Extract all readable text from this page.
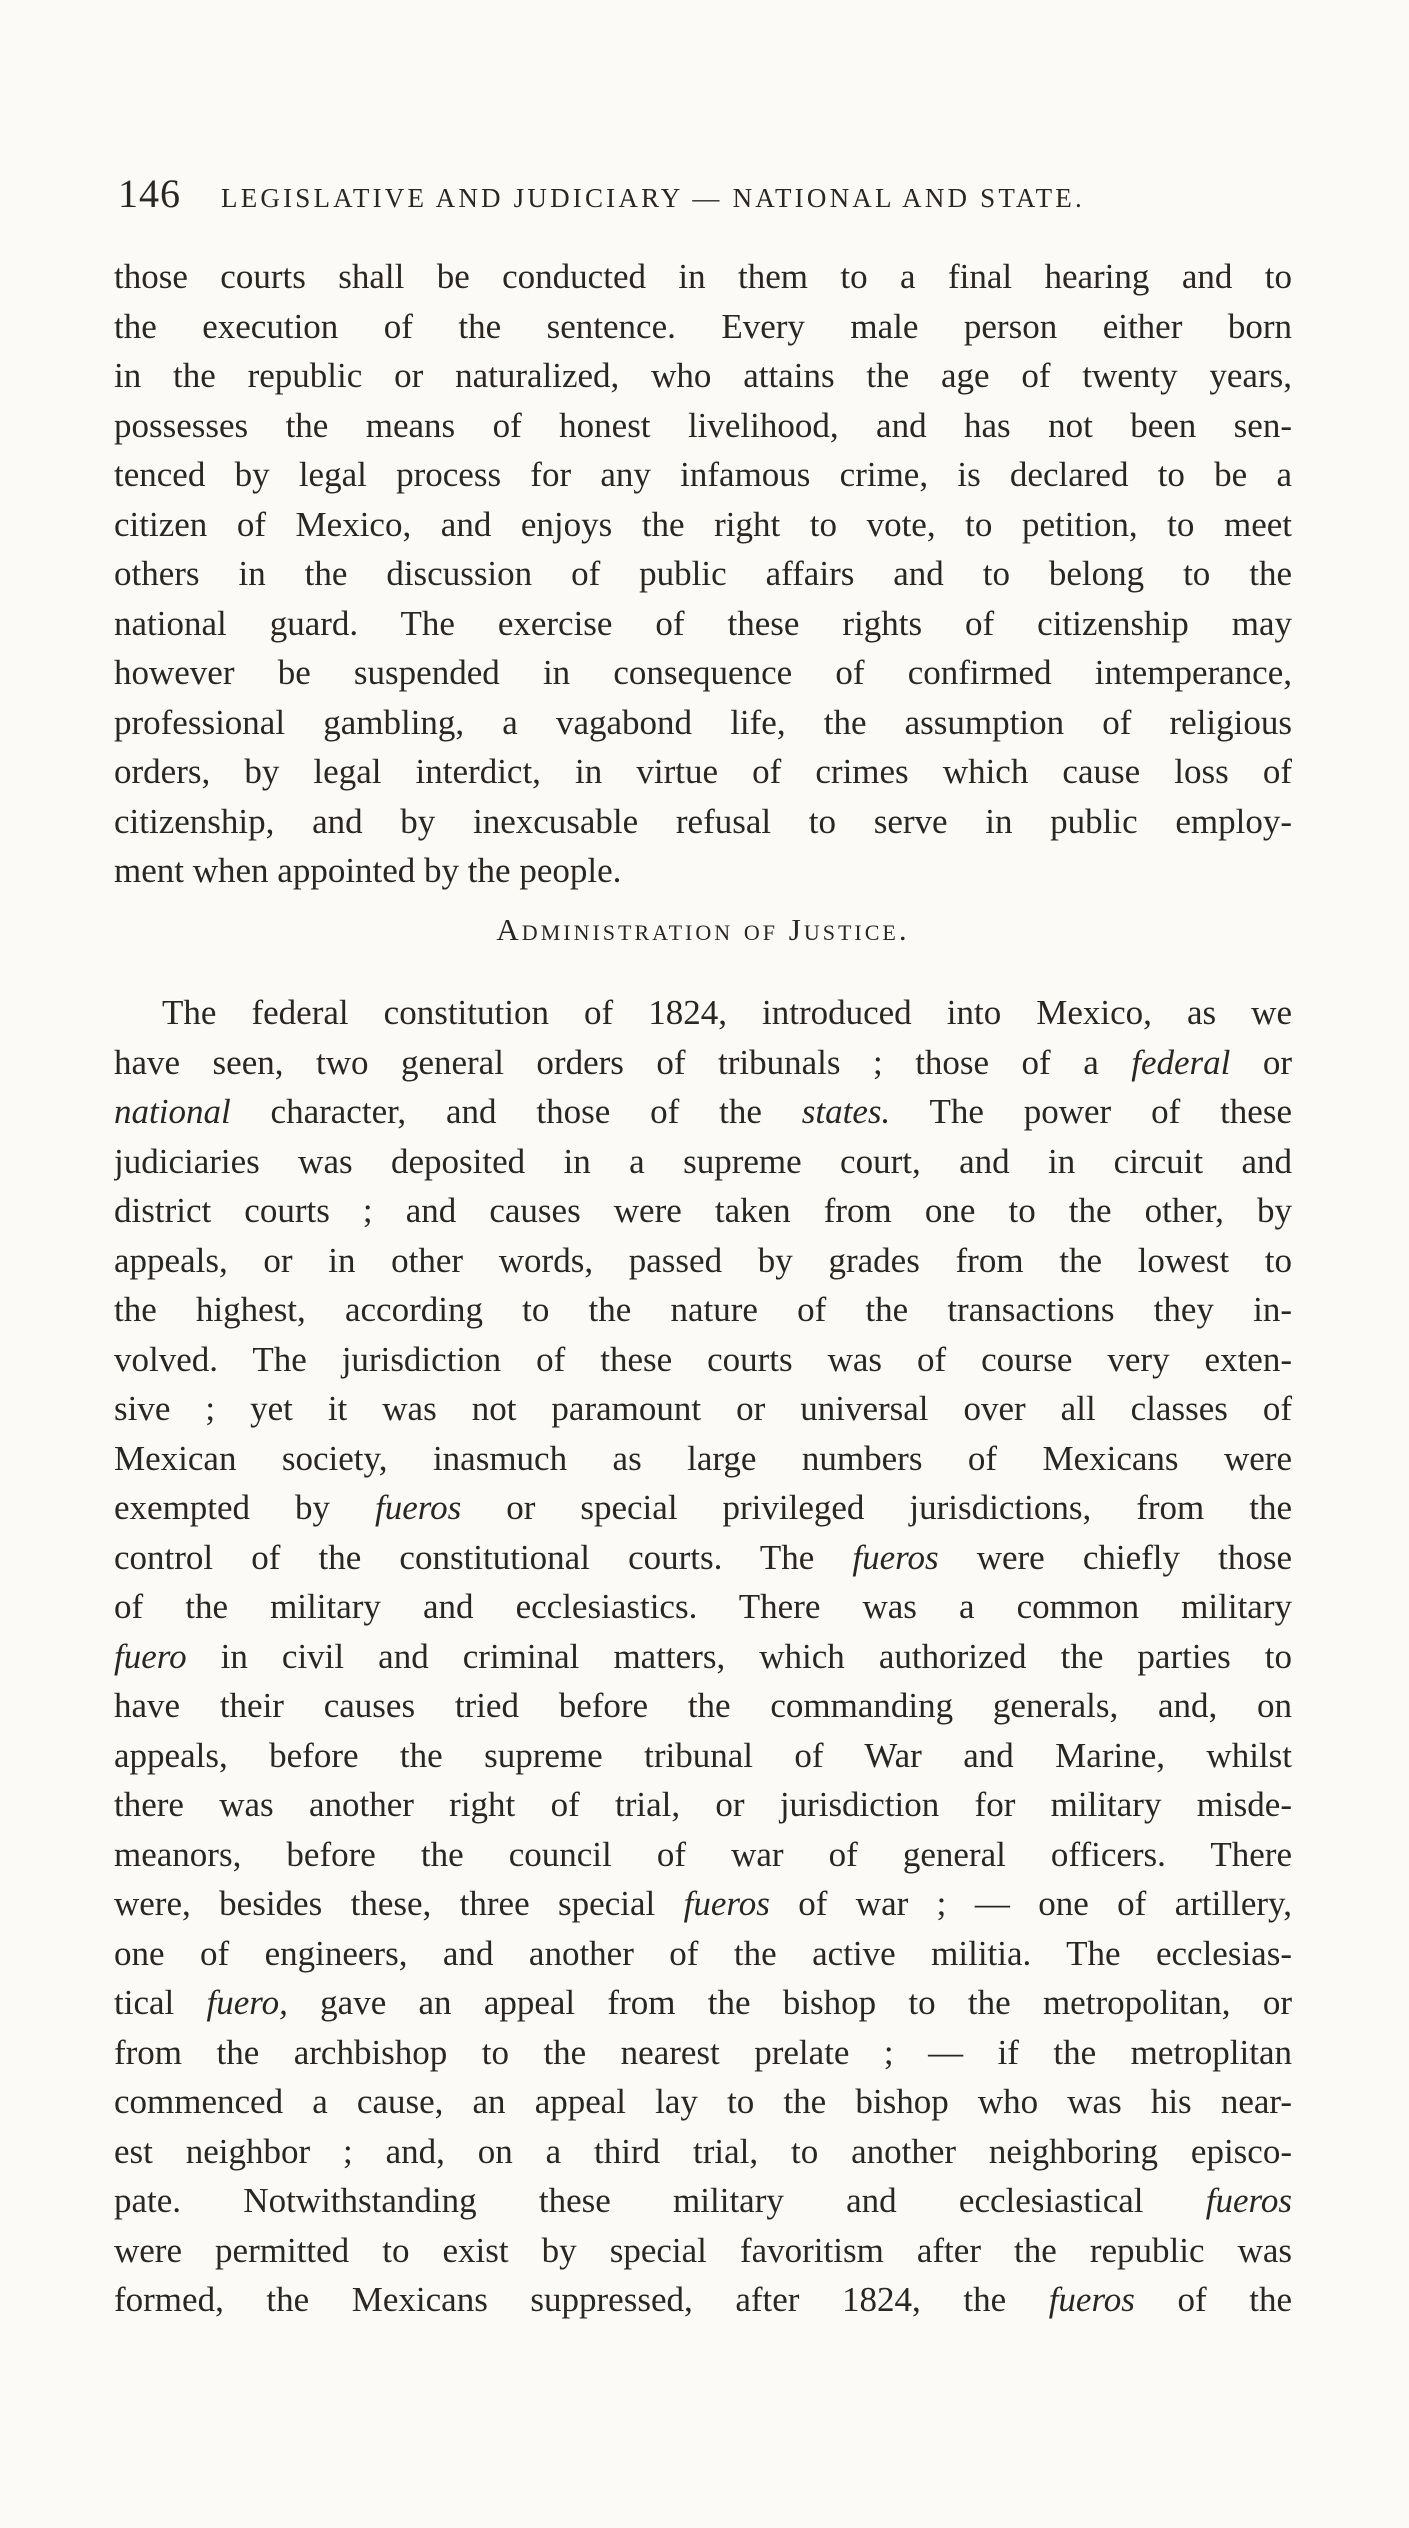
146 LEGISLATIVE AND JUDICIARY — NATIONAL AND STATE.
those courts shall be conducted in them to a final hearing and to
the execution of the sentence. Every male person either born
in the republic or naturalized, who attains the age of twenty years,
possesses the means of honest livelihood, and has not been sen-
tenced by legal process for any infamous crime, is declared to be a
citizen of Mexico, and enjoys the right to vote, to petition, to meet
others in the discussion of public affairs and to belong to the
national guard. The exercise of these rights of citizenship may
however be suspended in consequence of confirmed intemperance,
professional gambling, a vagabond life, the assumption of religious
orders, by legal interdict, in virtue of crimes which cause loss of
citizenship, and by inexcusable refusal to serve in public employ-
ment when appointed by the people.
Administration of Justice.
The federal constitution of 1824, introduced into Mexico, as we
have seen, two general orders of tribunals ; those of a federal or
national character, and those of the states. The power of these
judiciaries was deposited in a supreme court, and in circuit and
district courts ; and causes were taken from one to the other, by
appeals, or in other words, passed by grades from the lowest to
the highest, according to the nature of the transactions they in-
volved. The jurisdiction of these courts was of course very exten-
sive ; yet it was not paramount or universal over all classes of
Mexican society, inasmuch as large numbers of Mexicans were
exempted by fueros or special privileged jurisdictions, from the
control of the constitutional courts. The fueros were chiefly those
of the military and ecclesiastics. There was a common military
fuero in civil and criminal matters, which authorized the parties to
have their causes tried before the commanding generals, and, on
appeals, before the supreme tribunal of War and Marine, whilst
there was another right of trial, or jurisdiction for military misde-
meanors, before the council of war of general officers. There
were, besides these, three special fueros of war ; — one of artillery,
one of engineers, and another of the active militia. The ecclesias-
tical fuero, gave an appeal from the bishop to the metropolitan, or
from the archbishop to the nearest prelate ; — if the metroplitan
commenced a cause, an appeal lay to the bishop who was his near-
est neighbor ; and, on a third trial, to another neighboring episco-
pate. Notwithstanding these military and ecclesiastical fueros
were permitted to exist by special favoritism after the republic was
formed, the Mexicans suppressed, after 1824, the fueros of the
